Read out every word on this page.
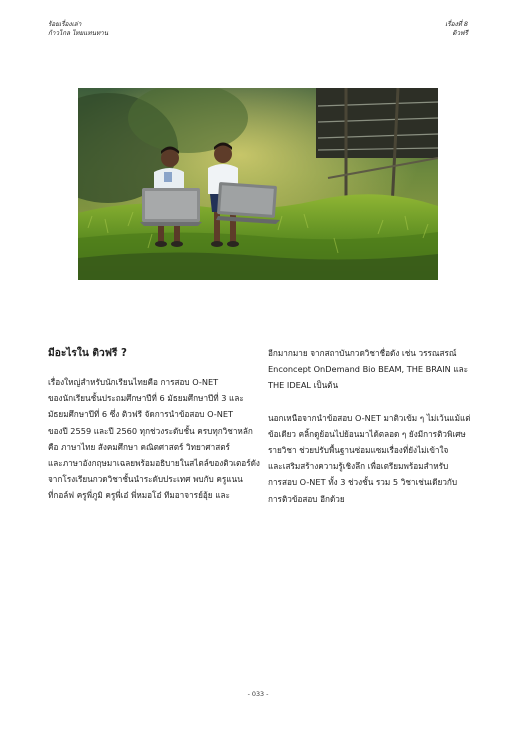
ร้อยเรื่องเล่า
ก้าวไกล ไทยแทนทาน
เรื่องที่ 8
ติวฟรี

มีอะไรใน ติวฟรี ?

เรื่องใหญ่สำหรับนักเรียนไทยคือ การสอบ O-NET
ของนักเรียนชั้นประถมศึกษาปีที่ 6 มัธยมศึกษาปีที่ 3 และ
มัธยมศึกษาปีที่ 6 ซึ่ง ติวฟรี จัดการนำข้อสอบ O-NET
ของปี 2559 และปี 2560 ทุกช่วงระดับชั้น ครบทุกวิชาหลัก
คือ ภาษาไทย สังคมศึกษา คณิตศาสตร์ วิทยาศาสตร์
และภาษาอังกฤษมาเฉลยพร้อมอธิบายในสไตล์ของติวเตอร์ดัง
จากโรงเรียนกวดวิชาชั้นนำระดับประเทศ พบกับ ครูแนน
ที่กอล์ฟ ครูพี่ภูมิ ครูพี่เอ๋ พี่หมอโอ๋ ทีมอาจารย์อุ้ย และ

อีกมากมาย จากสถาบันกวดวิชาชื่อดัง เช่น วรรณสรณ์
Enconcept OnDemand Bio BEAM, THE BRAIN และ
THE IDEAL เป็นต้น

นอกเหนือจากนำข้อสอบ O-NET มาติวเข้ม ๆ ไม่เว้นแม้แต่
ข้อเดียว คลิ้กดูย้อนไปย้อนมาได้ตลอด ๆ ยังมีการติวพิเศษ
รายวิชา ช่วยปรับพื้นฐานซ่อมแซมเรื่องที่ยังไม่เข้าใจ
และเสริมสร้างความรู้เชิงลึก เพื่อเตรียมพร้อมสำหรับ
การสอบ O-NET ทั้ง 3 ช่วงชั้น รวม 5 วิชาเช่นเดียวกับ
การติวข้อสอบ อีกด้วย

- 033 -
